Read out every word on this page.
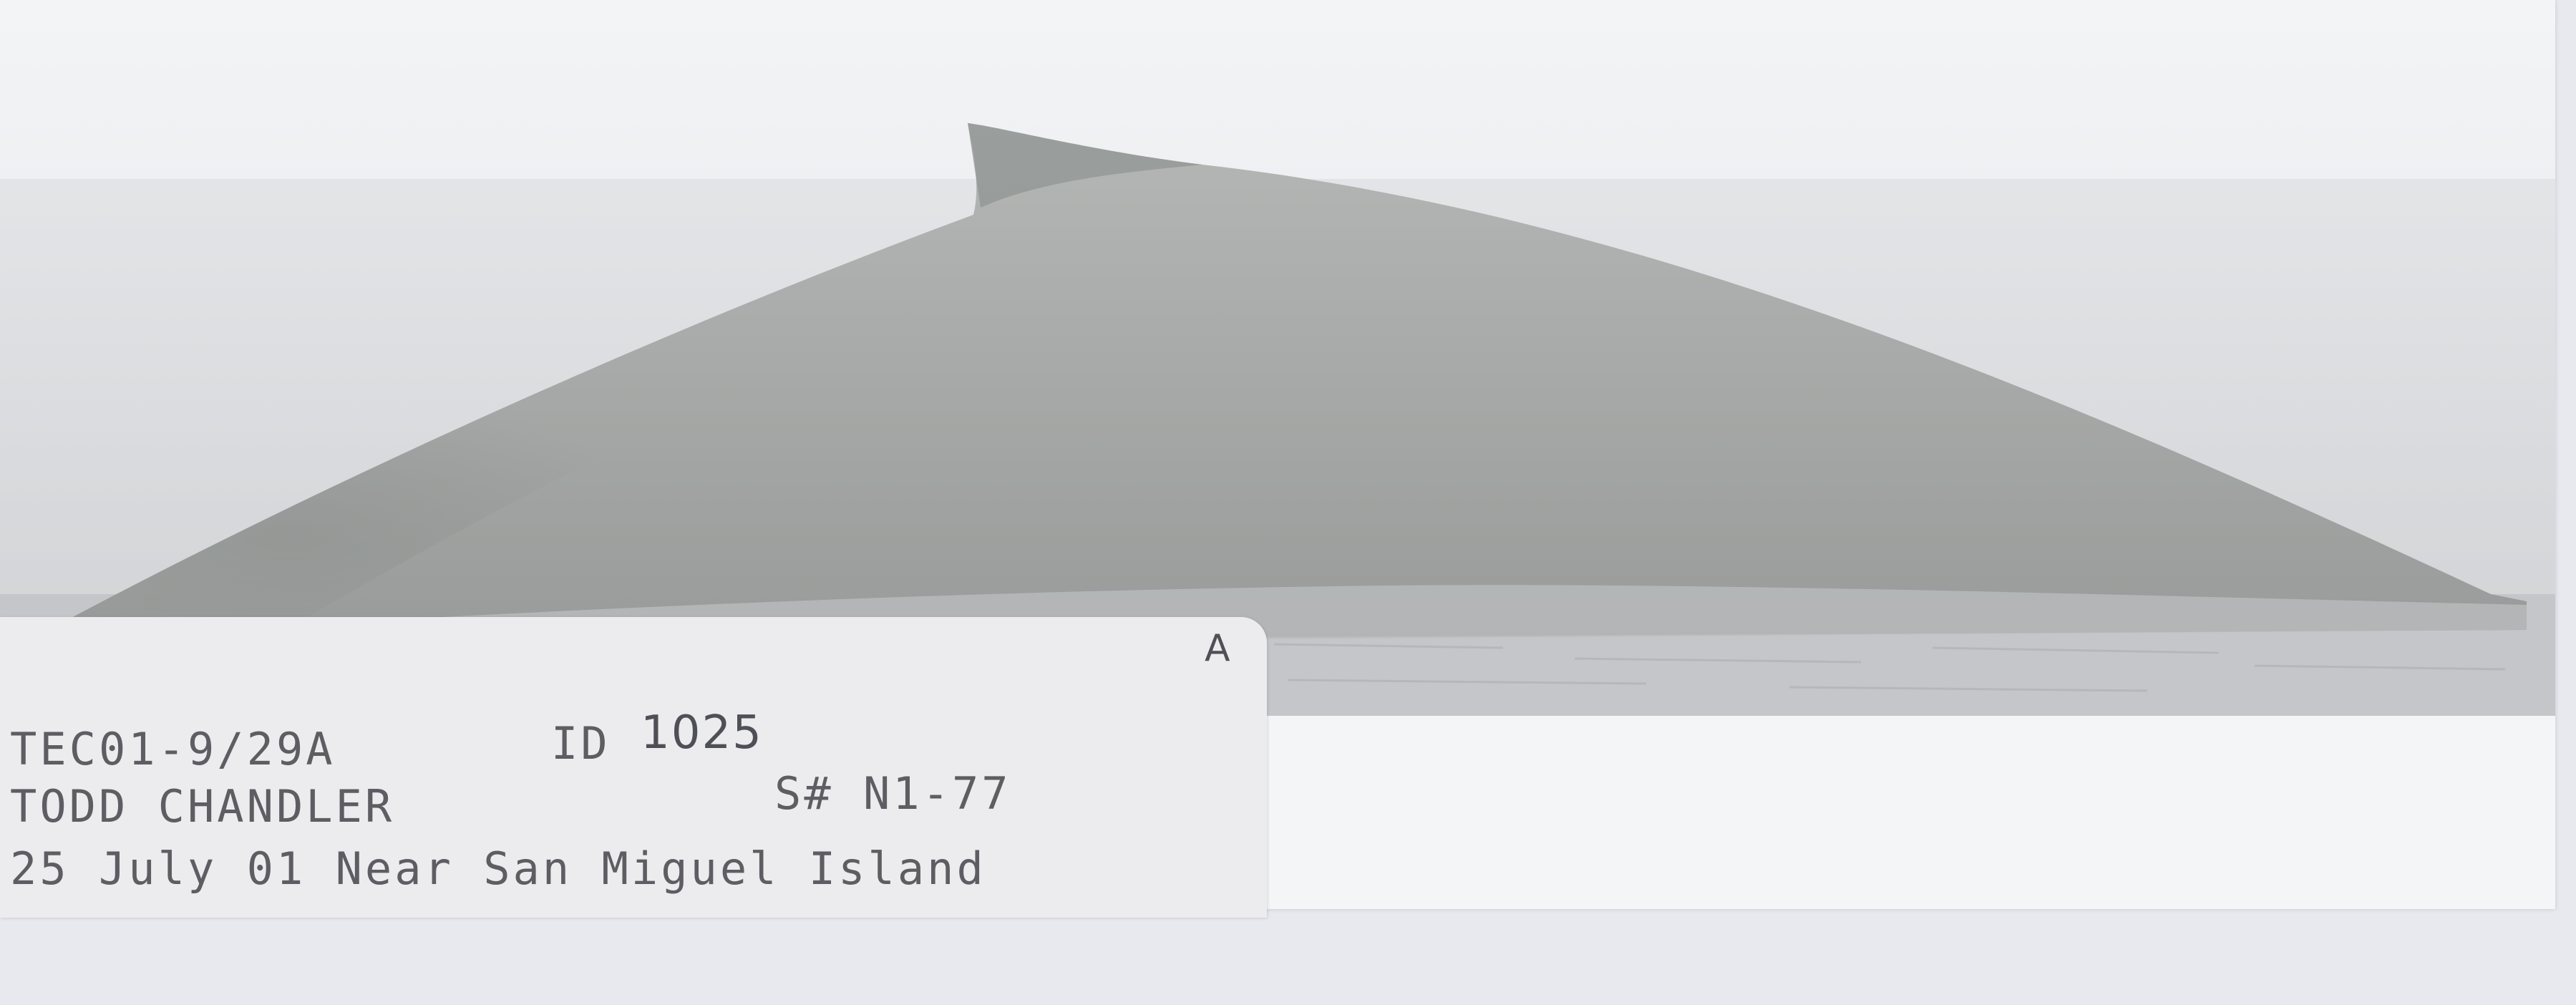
A
TEC01-9/29A	ID 1025
TODD CHANDLER	S# N1-77
25 July 01 Near San Miguel Island
